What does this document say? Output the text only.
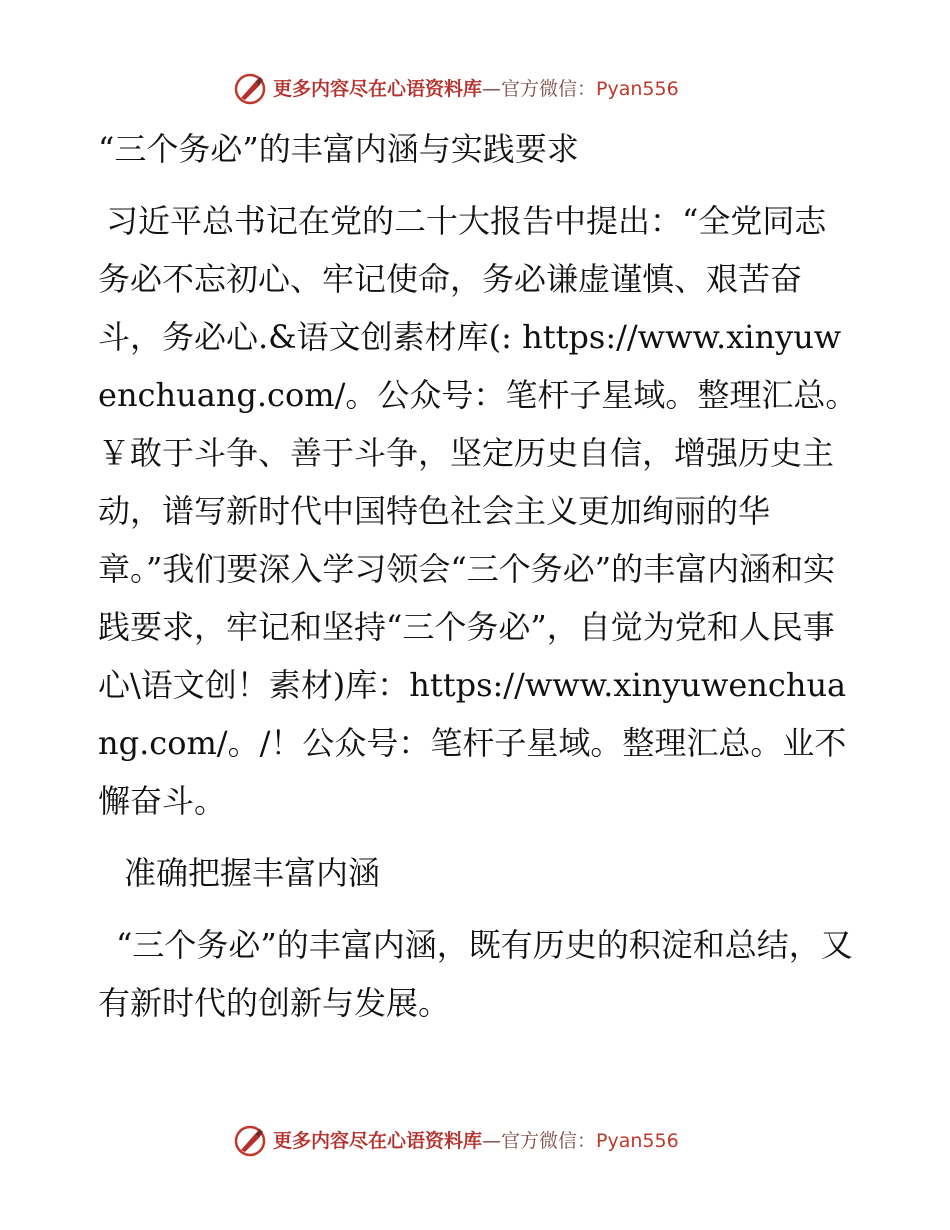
更多内容尽在心语资料库—官方微信：Pyan556

“三个务必”的丰富内涵与实践要求

习近平总书记在党的二十大报告中提出：“全党同志务必不忘初心、牢记使命，务必谦虚谨慎、艰苦奋斗，务必心.&语文创素材库(: https://www.xinyuwenchuang.com/。公众号：笔杆子星域。整理汇总。￥敢于斗争、善于斗争，坚定历史自信，增强历史主动，谱写新时代中国特色社会主义更加绚丽的华章。”我们要深入学习领会“三个务必”的丰富内涵和实践要求，牢记和坚持“三个务必”，自觉为党和人民事心\语文创！素材)库：https://www.xinyuwenchuang.com/。/！公众号：笔杆子星域。整理汇总。业不懈奋斗。

准确把握丰富内涵

“三个务必”的丰富内涵，既有历史的积淀和总结，又有新时代的创新与发展。

更多内容尽在心语资料库—官方微信：Pyan556
